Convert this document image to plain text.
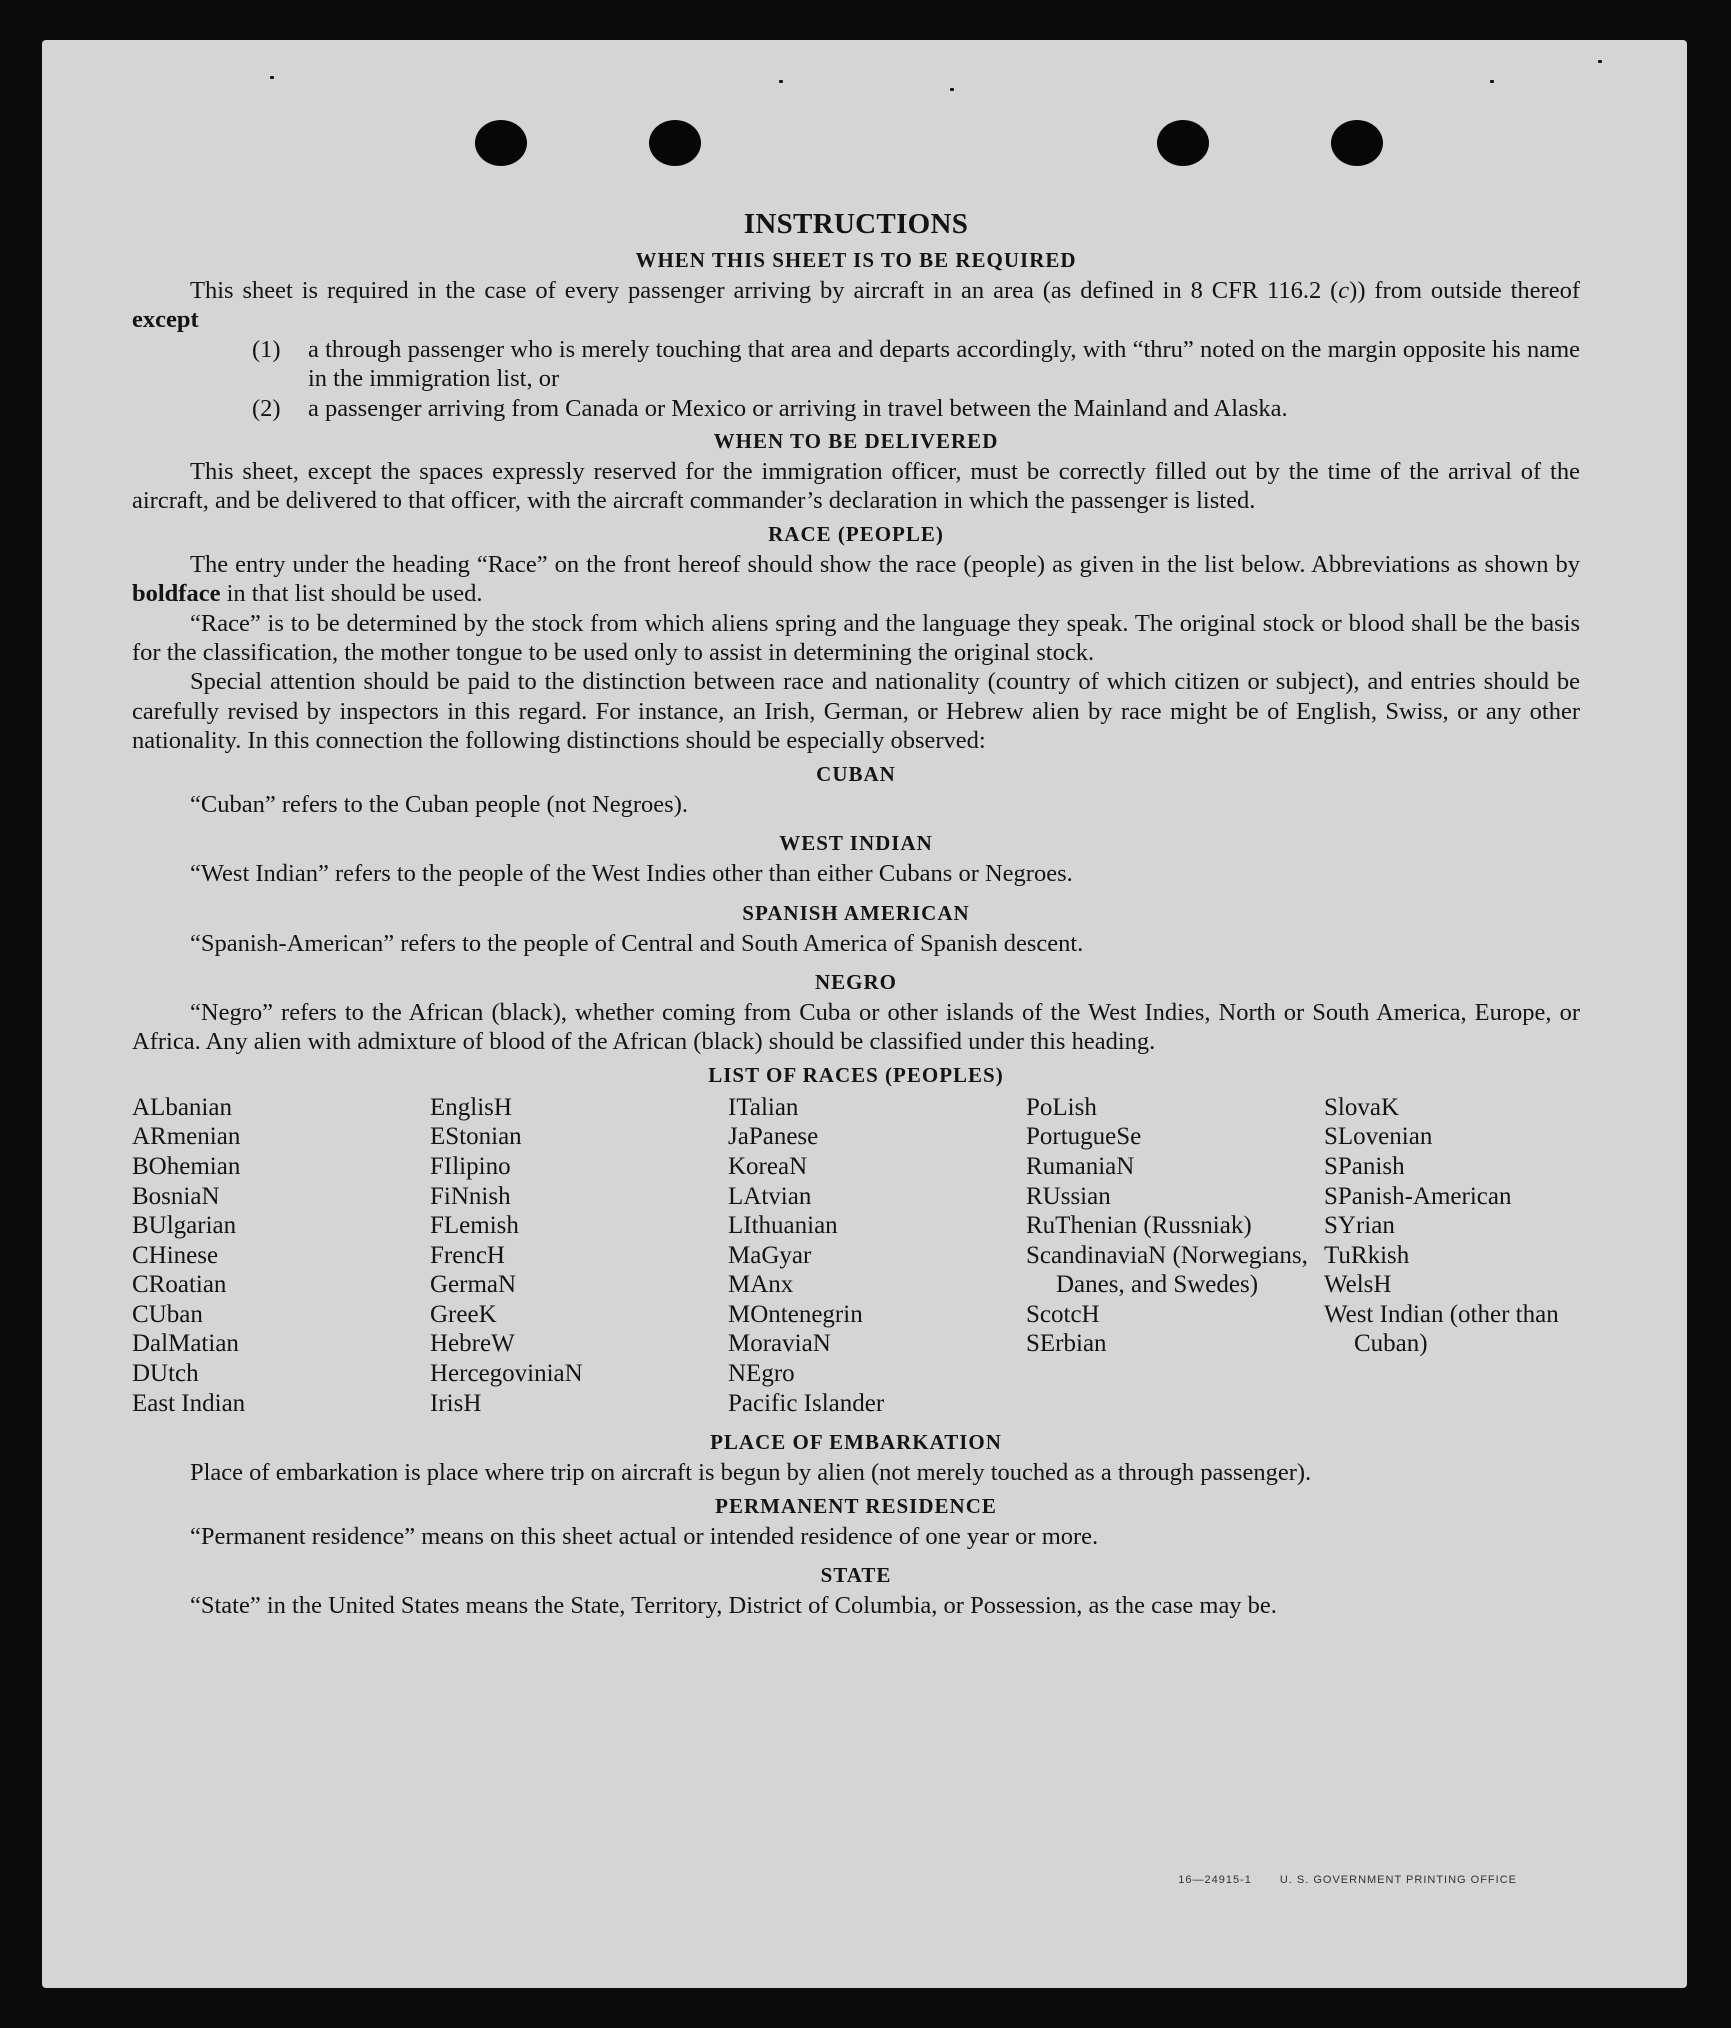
INSTRUCTIONS
WHEN THIS SHEET IS TO BE REQUIRED

This sheet is required in the case of every passenger arriving by aircraft in an area (as defined in 8 CFR 116.2 (c)) from outside thereof except

(1)	a through passenger who is merely touching that area and departs accordingly, with “thru” noted on the margin opposite his name in the immigration list, or
(2)	a passenger arriving from Canada or Mexico or arriving in travel between the Mainland and Alaska.
WHEN TO BE DELIVERED

This sheet, except the spaces expressly reserved for the immigration officer, must be correctly filled out by the time of the arrival of the aircraft, and be delivered to that officer, with the aircraft commander’s declaration in which the passenger is listed.

RACE (PEOPLE)

The entry under the heading “Race” on the front hereof should show the race (people) as given in the list below. Abbreviations as shown by boldface in that list should be used.

“Race” is to be determined by the stock from which aliens spring and the language they speak. The original stock or blood shall be the basis for the classification, the mother tongue to be used only to assist in determining the original stock.

Special attention should be paid to the distinction between race and nationality (country of which citizen or subject), and entries should be carefully revised by inspectors in this regard. For instance, an Irish, German, or Hebrew alien by race might be of English, Swiss, or any other nationality. In this connection the following distinctions should be especially observed:

CUBAN

“Cuban” refers to the Cuban people (not Negroes).

WEST INDIAN

“West Indian” refers to the people of the West Indies other than either Cubans or Negroes.

SPANISH AMERICAN

“Spanish-American” refers to the people of Central and South America of Spanish descent.

NEGRO

“Negro” refers to the African (black), whether coming from Cuba or other islands of the West Indies, North or South America, Europe, or Africa. Any alien with admixture of blood of the African (black) should be classified under this heading.

LIST OF RACES (PEOPLES)
ALbanian
ARmenian
BOhemian
BosniaN
BUlgarian
CHinese
CRoatian
CUban
DalMatian
DUtch
East Indian
EnglisH
EStonian
FIlipino
FiNnish
FLemish
FrencH
GermaN
GreeK
HebreW
HercegoviniaN
IrisH
ITalian
JaPanese
KoreaN
LAtvian
LIthuanian
MaGyar
MAnx
MOntenegrin
MoraviaN
NEgro
Pacific Islander
PoLish
PortugueSe
RumaniaN
RUssian
RuThenian (Russniak)
ScandinaviaN (Norwegians, Danes, and Swedes)
ScotcH
SErbian
SlovaK
SLovenian
SPanish
SPanish-American
SYrian
TuRkish
WelsH
West Indian (other than Cuban)
PLACE OF EMBARKATION

Place of embarkation is place where trip on aircraft is begun by alien (not merely touched as a through passenger).

PERMANENT RESIDENCE

“Permanent residence” means on this sheet actual or intended residence of one year or more.

STATE

“State” in the United States means the State, Territory, District of Columbia, or Possession, as the case may be.

16—24915-1	U. S. GOVERNMENT PRINTING OFFICE
